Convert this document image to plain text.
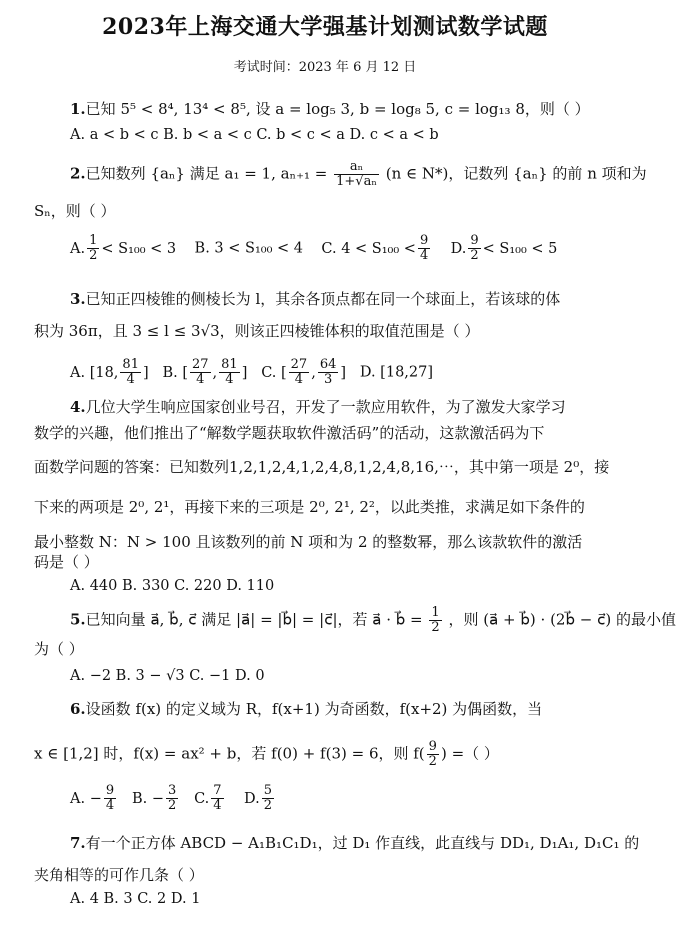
2023年上海交通大学强基计划测试数学试题
考试时间：2023 年 6 月 12 日
1.已知 5⁵ < 8⁴, 13⁴ < 8⁵, 设 a = log₅ 3, b = log₈ 5, c = log₁₃ 8，则（ ）
A. a < b < c B. b < a < c C. b < c < a D. c < a < b
2.已知数列 {aₙ} 满足 a₁ = 1, $a_{n+1} = \frac{\text{aₙ}}{\text{1+√aₙ}} (n$ ∈ N*)，记数列 {aₙ} 的前 n 项和为
Sₙ，则（ ）
A. $\frac{1}{2} < S_{100} < 3$ B. 3 < S₁₀₀ < 4 C. $4 < S_{100} < \frac{9}{4} D$. $\frac{9}{2} < S_{100} < 5$
3.已知正四棱锥的侧棱长为 l，其余各顶点都在同一个球面上，若该球的体
积为 36π，且 3 ≤ l ≤ 3√3，则该正四棱锥体积的取值范围是（ ）
A. [18, $\frac{81}{4}$ ] B. [ $\frac{27}{4}$ , $\frac{81}{4}$ ] C. [ $\frac{27}{4}$ , $\frac{64}{3}$ ] D. [18,27]
4.几位大学生响应国家创业号召，开发了一款应用软件，为了激发大家学习
数学的兴趣，他们推出了“解数学题获取软件激活码”的活动，这款激活码为下
面数学问题的答案：已知数列1,2,1,2,4,1,2,4,8,1,2,4,8,16,⋯，其中第一项是 2⁰，接
下来的两项是 2⁰, 2¹，再接下来的三项是 2⁰, 2¹, 2²，以此类推，求满足如下条件的
最小整数 N：N > 100 且该数列的前 N 项和为 2 的整数幂，那么该款软件的激活
码是（ ）
A. 440 B. 330 C. 220 D. 110
5.已知向量 a⃗, b⃗, c⃗ 满足 |a⃗| = |b⃗| = |c⃗|，若 a⃗ · b⃗ = $\frac{1}{2}$ ，则 (a⃗ + b⃗) · (2b⃗ − c⃗) 的最小值
为（ ）
A. −2 B. 3 − √3 C. −1 D. 0
6.设函数 f(x) 的定义域为 R，f(x+1) 为奇函数，f(x+2) 为偶函数，当
x ∈ [1,2] 时，f(x) = ax² + b，若 f(0) + f(3) = 6，则 $f( \frac{9}{2}$ ) =（ ）
A. − $\frac{9}{4} B$. − $\frac{3}{2} C$. $\frac{7}{4} D$. $\frac{5}{2}$
7.有一个正方体 ABCD − A₁B₁C₁D₁，过 D₁ 作直线，此直线与 DD₁, D₁A₁, D₁C₁ 的
夹角相等的可作几条（ ）
A. 4 B. 3 C. 2 D. 1
